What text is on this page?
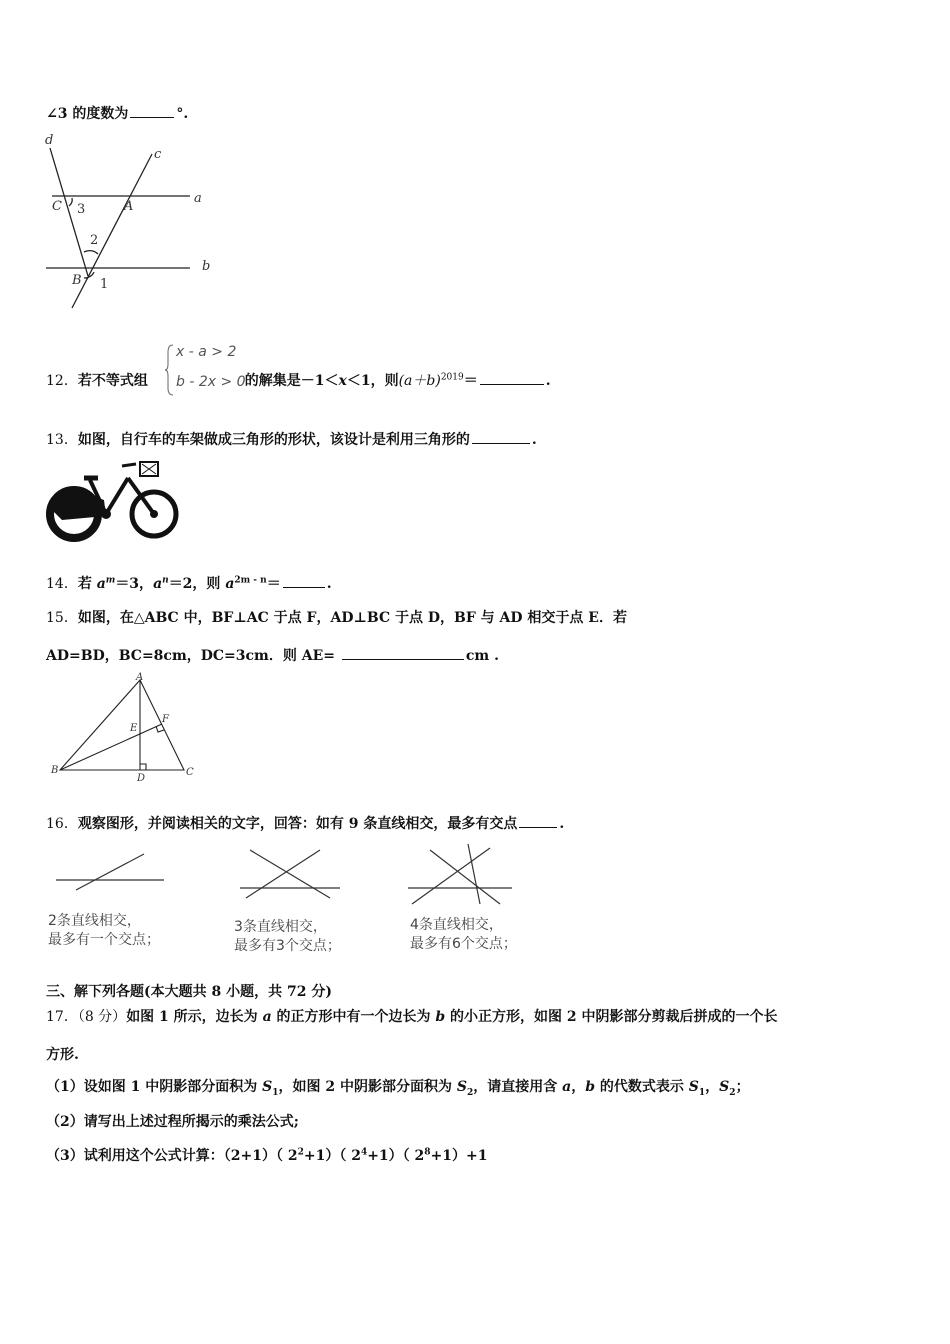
∠3 的度数为	°.
d
c
a
b
C 3	A
2
B 1
12．若不等式组	的解集是－1＜x＜1，则$(a+b)^{2019}=$	.
x - a > 2
b - 2x > 0
13．如图，自行车的车架做成三角形的形状，该设计是利用三角形的	.
14．若 $a^m=3$，$a^n=2$，则 $a^{2m - n}=$	.
15．如图，在△ABC 中，BF⊥AC 于点 F，AD⊥BC 于点 D，BF 与 AD 相交于点 E．若
AD=BD，BC=8cm，DC=3cm．则 AE=	cm .
A
E
F
B
D
C
16．观察图形，并阅读相关的文字，回答：如有 9 条直线相交，最多有交点	.
2条直线相交，
最多有一个交点；
3条直线相交，
最多有3个交点；
4条直线相交，
最多有6个交点；
三、解下列各题(本大题共 8 小题，共 72 分)
17．（8 分）如图 1 所示，边长为 a 的正方形中有一个边长为 b 的小正方形，如图 2 中阴影部分剪裁后拼成的一个长
方形.
（1）设如图 1 中阴影部分面积为 $S_1$，如图 2 中阴影部分面积为 $S_2$，请直接用含 a，b 的代数式表示 $S_1$，$S_2$；
（2）请写出上述过程所揭示的乘法公式;
（3）试利用这个公式计算：（2+1）（ $2^2+1$）（ $2^4+1$）（ $2^8+1)+1$
